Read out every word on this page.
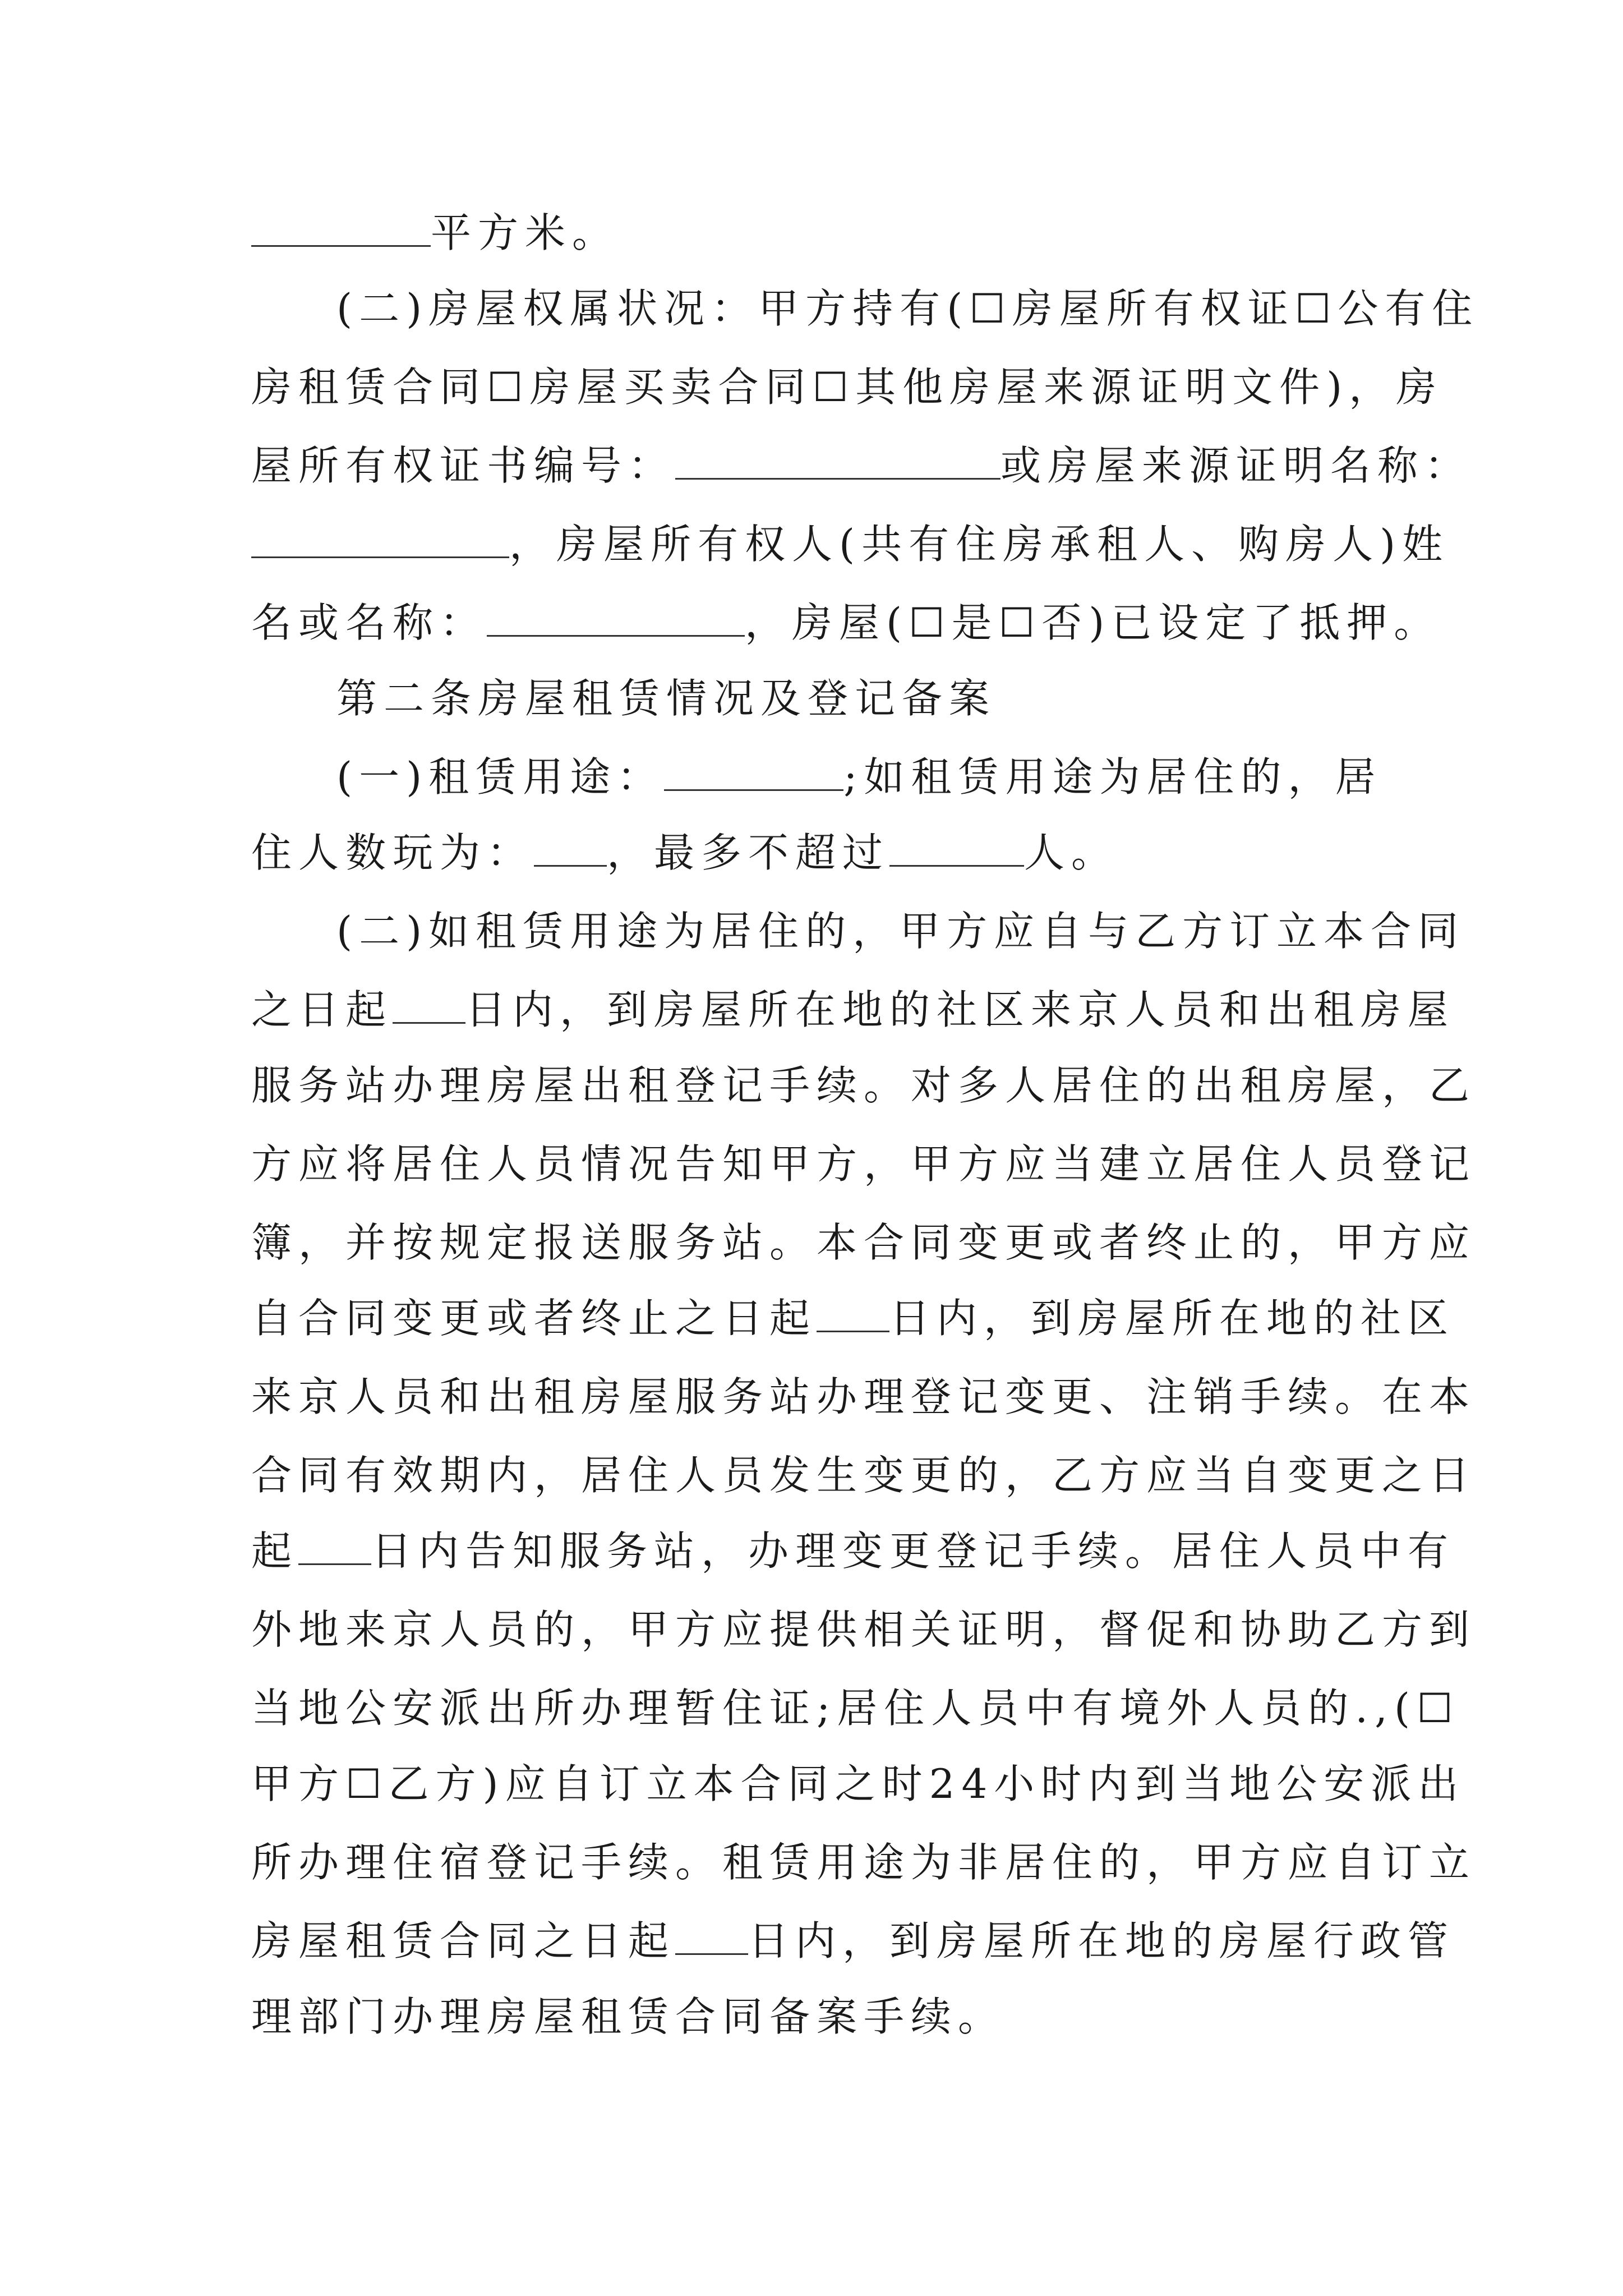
平方米。
(二)房屋权属状况：甲方持有(☐房屋所有权证☐公有住
房租赁合同☐房屋买卖合同☐其他房屋来源证明文件)，房
屋所有权证书编号：	或房屋来源证明名称：
，房屋所有权人(共有住房承租人、购房人)姓
名或名称：	，房屋(☐是☐否)已设定了抵押。
第二条房屋租赁情况及登记备案
(一)租赁用途：	;如租赁用途为居住的，居
住人数玩为： ，最多不超过	人。
(二)如租赁用途为居住的，甲方应自与乙方订立本合同
之日起 日内，到房屋所在地的社区来京人员和出租房屋
服务站办理房屋出租登记手续。对多人居住的出租房屋，乙
方应将居住人员情况告知甲方，甲方应当建立居住人员登记
簿，并按规定报送服务站。本合同变更或者终止的，甲方应
自合同变更或者终止之日起 日内，到房屋所在地的社区
来京人员和出租房屋服务站办理登记变更、注销手续。在本
合同有效期内，居住人员发生变更的，乙方应当自变更之日
起 日内告知服务站，办理变更登记手续。居住人员中有
外地来京人员的，甲方应提供相关证明，督促和协助乙方到
当地公安派出所办理暂住证;居住人员中有境外人员的.,(☐
甲方☐乙方)应自订立本合同之时24小时内到当地公安派出
所办理住宿登记手续。租赁用途为非居住的，甲方应自订立
房屋租赁合同之日起 日内，到房屋所在地的房屋行政管
理部门办理房屋租赁合同备案手续。
